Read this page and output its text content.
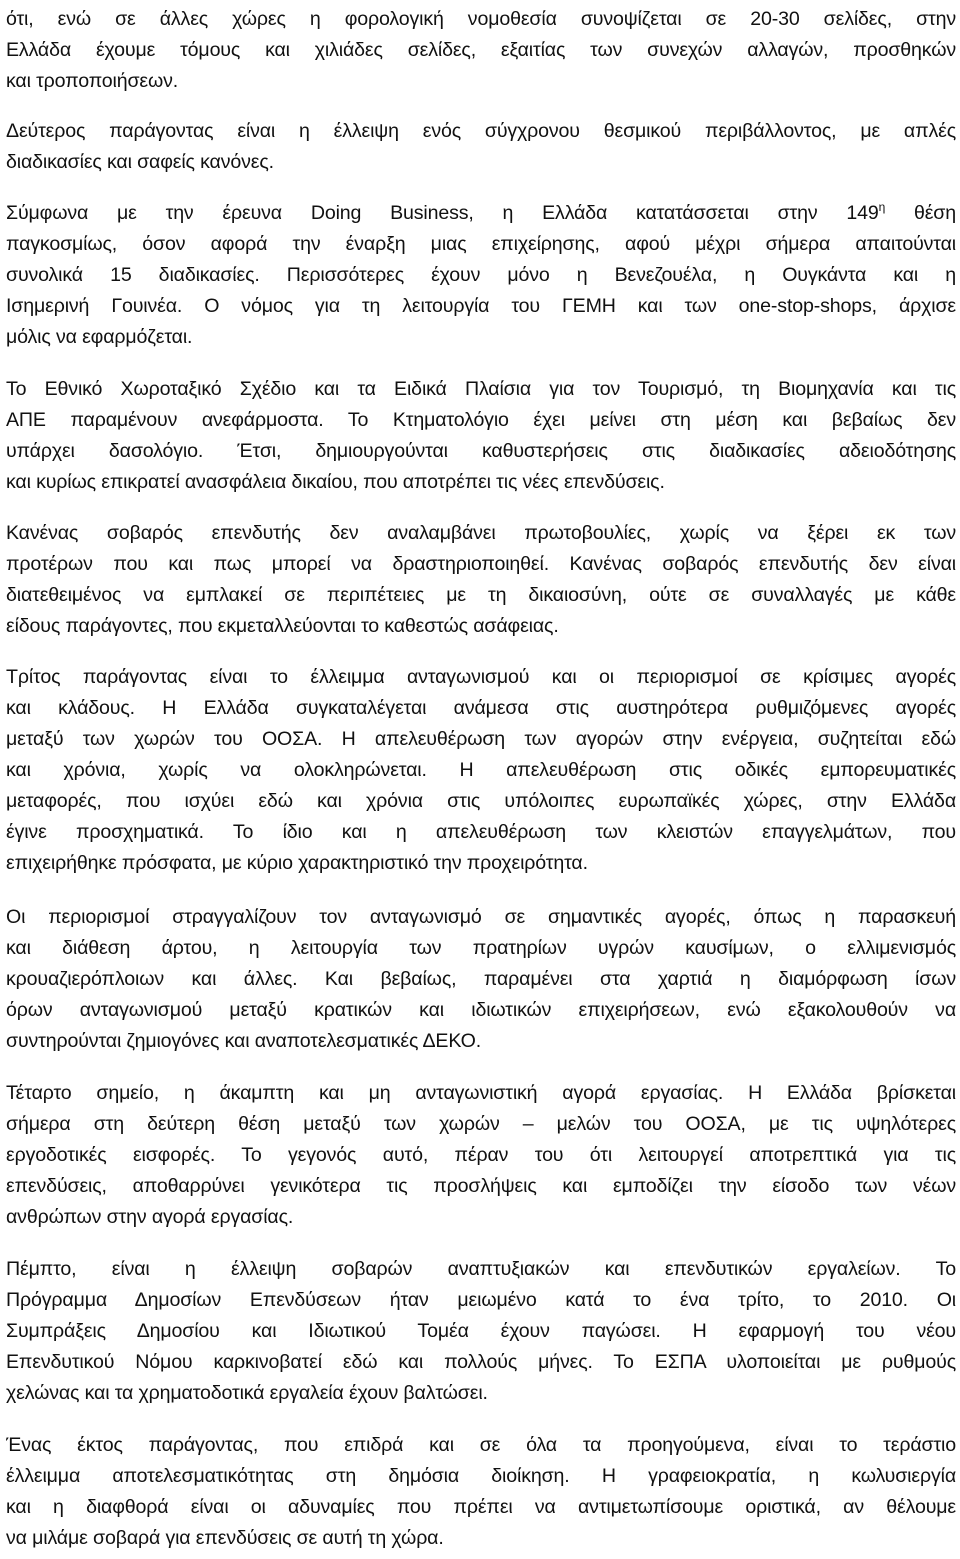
ότι, ενώ σε άλλες χώρες η φορολογική νομοθεσία συνοψίζεται σε 20-30 σελίδες, στην
Ελλάδα έχουμε τόμους και χιλιάδες σελίδες, εξαιτίας των συνεχών αλλαγών, προσθηκών
και τροποποιήσεων.

Δεύτερος παράγοντας είναι η έλλειψη ενός σύγχρονου θεσμικού περιβάλλοντος, με απλές
διαδικασίες και σαφείς κανόνες.

Σύμφωνα με την έρευνα Doing Business, η Ελλάδα κατατάσσεται στην $149^\eta$ θέση
παγκοσμίως, όσον αφορά την έναρξη μιας επιχείρησης, αφού μέχρι σήμερα απαιτούνται
συνολικά 15 διαδικασίες. Περισσότερες έχουν μόνο η Βενεζουέλα, η Ουγκάντα και η
Ισημερινή Γουινέα. Ο νόμος για τη λειτουργία του ΓΕΜΗ και των one-stop-shops, άρχισε
μόλις να εφαρμόζεται.

Το Εθνικό Χωροταξικό Σχέδιο και τα Ειδικά Πλαίσια για τον Τουρισμό, τη Βιομηχανία και τις
ΑΠΕ παραμένουν ανεφάρμοστα. Το Κτηματολόγιο έχει μείνει στη μέση και βεβαίως δεν
υπάρχει δασολόγιο. Έτσι, δημιουργούνται καθυστερήσεις στις διαδικασίες αδειοδότησης
και κυρίως επικρατεί ανασφάλεια δικαίου, που αποτρέπει τις νέες επενδύσεις.

Κανένας σοβαρός επενδυτής δεν αναλαμβάνει πρωτοβουλίες, χωρίς να ξέρει εκ των
προτέρων που και πως μπορεί να δραστηριοποιηθεί. Κανένας σοβαρός επενδυτής δεν είναι
διατεθειμένος να εμπλακεί σε περιπέτειες με τη δικαιοσύνη, ούτε σε συναλλαγές με κάθε
είδους παράγοντες, που εκμεταλλεύονται το καθεστώς ασάφειας.

Τρίτος παράγοντας είναι το έλλειμμα ανταγωνισμού και οι περιορισμοί σε κρίσιμες αγορές
και κλάδους. Η Ελλάδα συγκαταλέγεται ανάμεσα στις αυστηρότερα ρυθμιζόμενες αγορές
μεταξύ των χωρών του ΟΟΣΑ. Η απελευθέρωση των αγορών στην ενέργεια, συζητείται εδώ
και χρόνια, χωρίς να ολοκληρώνεται. Η απελευθέρωση στις οδικές εμπορευματικές
μεταφορές, που ισχύει εδώ και χρόνια στις υπόλοιπες ευρωπαϊκές χώρες, στην Ελλάδα
έγινε προσχηματικά. Το ίδιο και η απελευθέρωση των κλειστών επαγγελμάτων, που
επιχειρήθηκε πρόσφατα, με κύριο χαρακτηριστικό την προχειρότητα.

Οι περιορισμοί στραγγαλίζουν τον ανταγωνισμό σε σημαντικές αγορές, όπως η παρασκευή
και διάθεση άρτου, η λειτουργία των πρατηρίων υγρών καυσίμων, ο ελλιμενισμός
κρουαζιερόπλοιων και άλλες. Και βεβαίως, παραμένει στα χαρτιά η διαμόρφωση ίσων
όρων ανταγωνισμού μεταξύ κρατικών και ιδιωτικών επιχειρήσεων, ενώ εξακολουθούν να
συντηρούνται ζημιογόνες και αναποτελεσματικές ΔΕΚΟ.

Τέταρτο σημείο, η άκαμπτη και μη ανταγωνιστική αγορά εργασίας. Η Ελλάδα βρίσκεται
σήμερα στη δεύτερη θέση μεταξύ των χωρών – μελών του ΟΟΣΑ, με τις υψηλότερες
εργοδοτικές εισφορές. Το γεγονός αυτό, πέραν του ότι λειτουργεί αποτρεπτικά για τις
επενδύσεις, αποθαρρύνει γενικότερα τις προσλήψεις και εμποδίζει την είσοδο των νέων
ανθρώπων στην αγορά εργασίας.

Πέμπτο, είναι η έλλειψη σοβαρών αναπτυξιακών και επενδυτικών εργαλείων. Το
Πρόγραμμα Δημοσίων Επενδύσεων ήταν μειωμένο κατά το ένα τρίτο, το 2010. Οι
Συμπράξεις Δημοσίου και Ιδιωτικού Τομέα έχουν παγώσει. Η εφαρμογή του νέου
Επενδυτικού Νόμου καρκινοβατεί εδώ και πολλούς μήνες. Το ΕΣΠΑ υλοποιείται με ρυθμούς
χελώνας και τα χρηματοδοτικά εργαλεία έχουν βαλτώσει.

Ένας έκτος παράγοντας, που επιδρά και σε όλα τα προηγούμενα, είναι το τεράστιο
έλλειμμα αποτελεσματικότητας στη δημόσια διοίκηση. Η γραφειοκρατία, η κωλυσιεργία
και η διαφθορά είναι οι αδυναμίες που πρέπει να αντιμετωπίσουμε οριστικά, αν θέλουμε
να μιλάμε σοβαρά για επενδύσεις σε αυτή τη χώρα.
